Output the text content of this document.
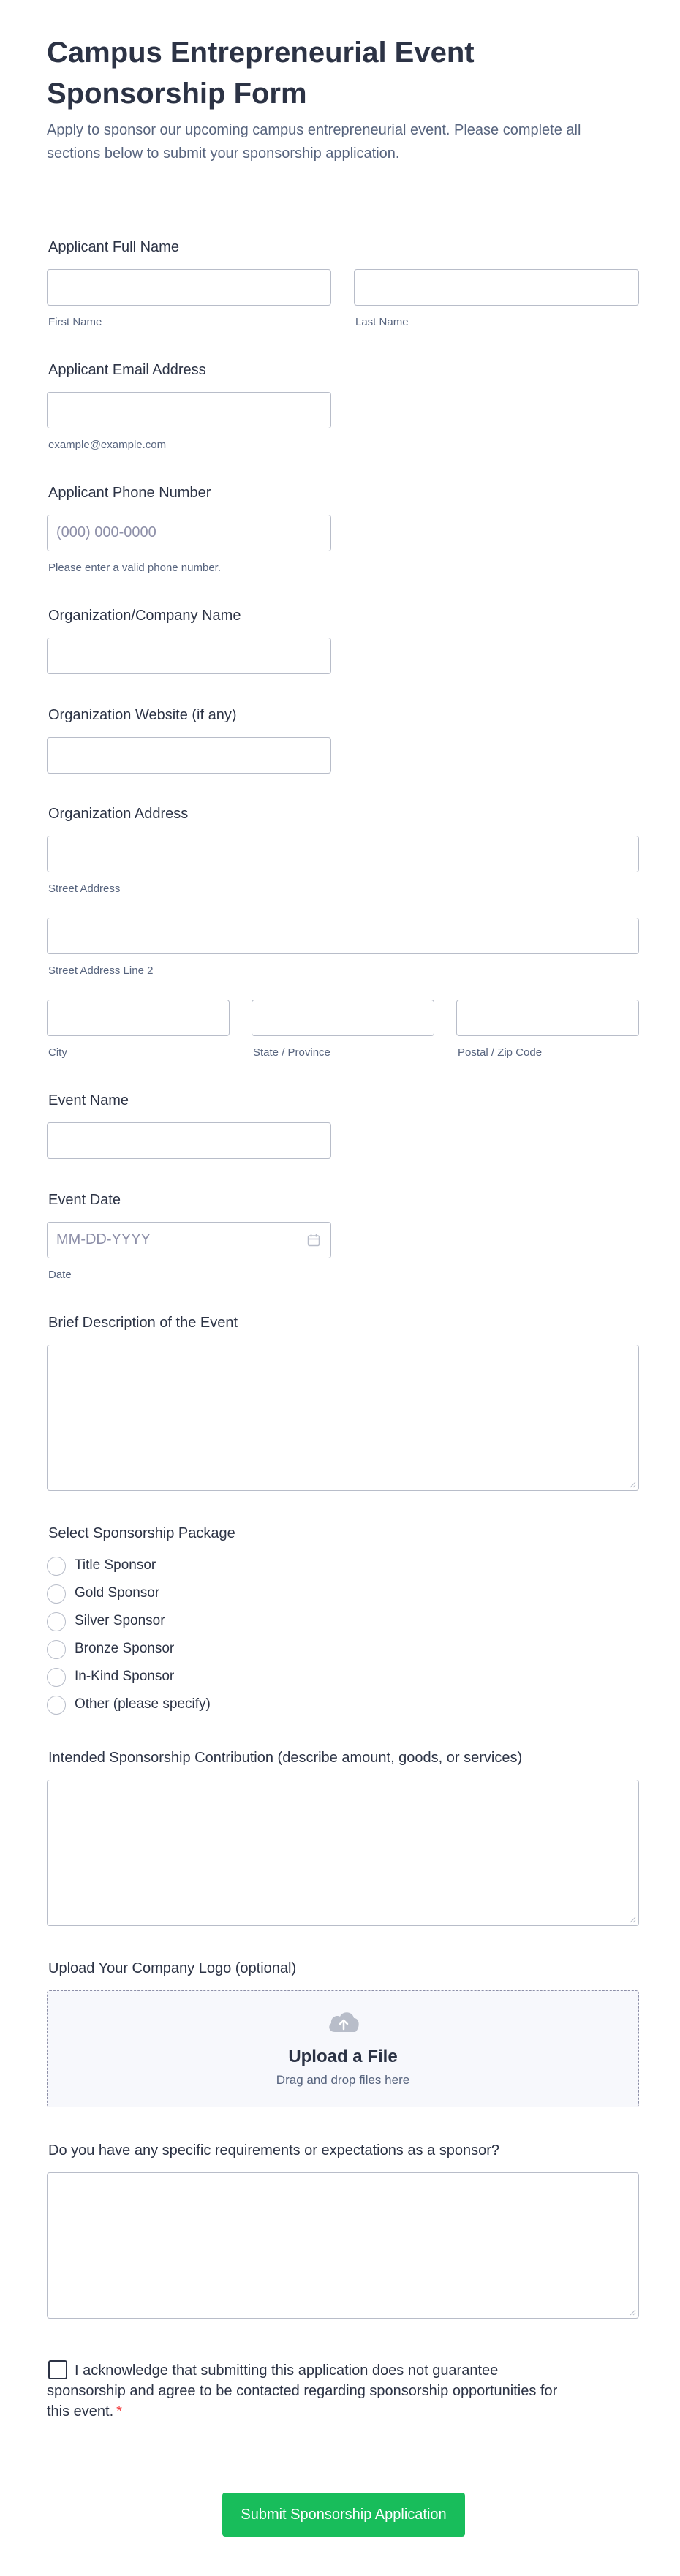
Campus Entrepreneurial Event Sponsorship Form

Apply to sponsor our upcoming campus entrepreneurial event. Please complete all sections below to submit your sponsorship application.

Applicant Full Name
First Name	Last Name
Applicant Email Address
example@example.com
Applicant Phone Number
(000) 000-0000
Please enter a valid phone number.
Organization/Company Name
Organization Website (if any)
Organization Address
Street Address
Street Address Line 2
City	State / Province	Postal / Zip Code
Event Name
Event Date
MM-DD-YYYY
Date
Brief Description of the Event
Select Sponsorship Package
Title Sponsor
Gold Sponsor
Silver Sponsor
Bronze Sponsor
In-Kind Sponsor
Other (please specify)
Intended Sponsorship Contribution (describe amount, goods, or services)
Upload Your Company Logo (optional)
Upload a File
Drag and drop files here
Do you have any specific requirements or expectations as a sponsor?

I acknowledge that submitting this application does not guarantee sponsorship and agree to be contacted regarding sponsorship opportunities for this event. *

Submit Sponsorship Application
